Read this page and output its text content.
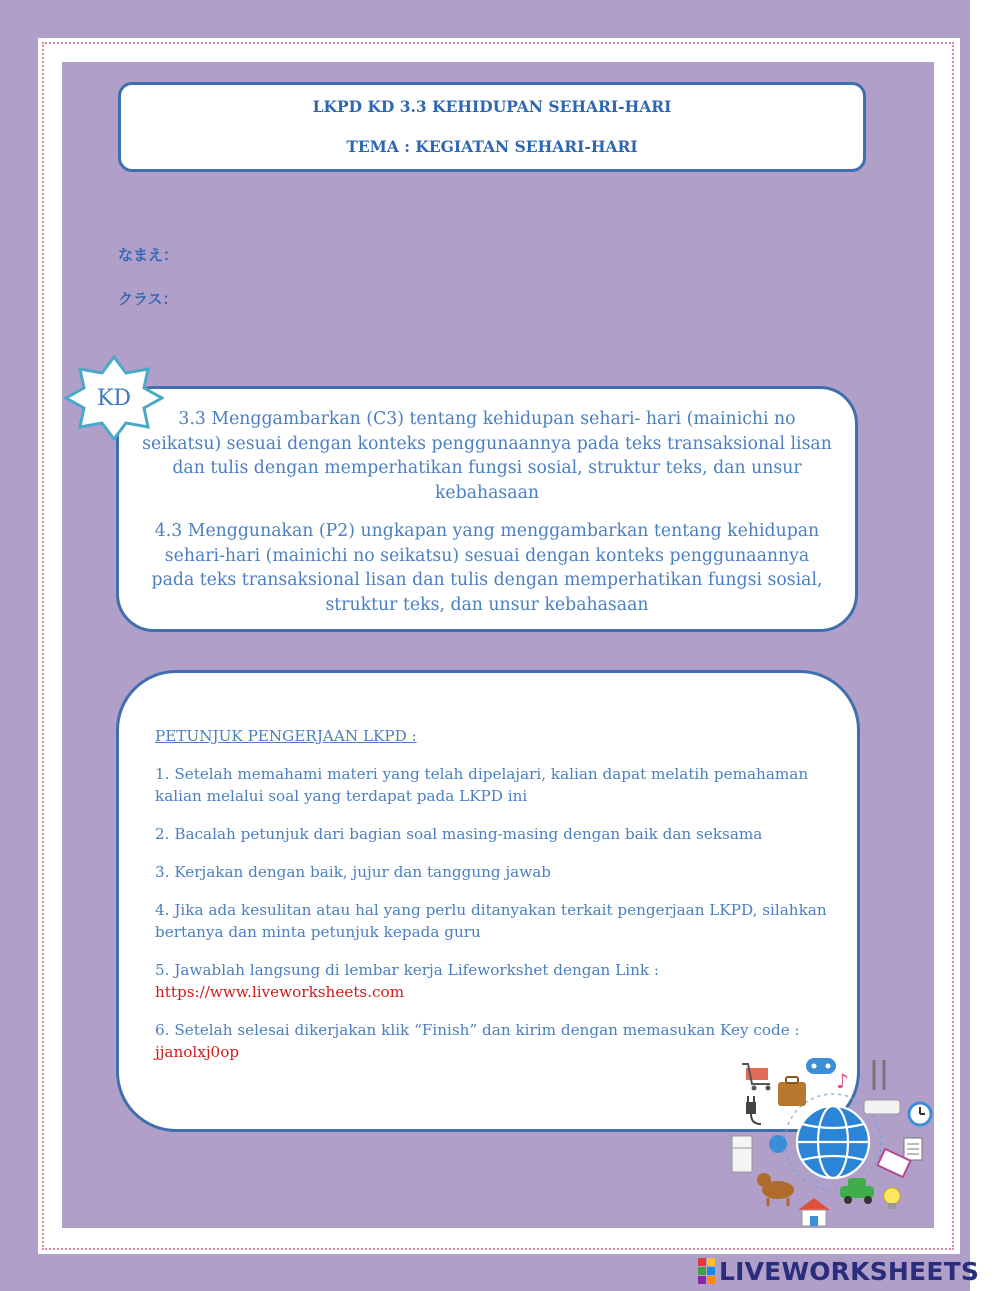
LKPD KD 3.3 KEHIDUPAN SEHARI-HARI
TEMA : KEGIATAN SEHARI-HARI
なまえ：
クラス：

3.3 Menggambarkan (C3) tentang kehidupan sehari- hari (mainichi no seikatsu) sesuai dengan konteks penggunaannya pada teks transaksional lisan dan tulis dengan memperhatikan fungsi sosial, struktur teks, dan unsur kebahasaan

4.3 Menggunakan (P2) ungkapan yang menggambarkan tentang kehidupan sehari-hari (mainichi no seikatsu) sesuai dengan konteks penggunaannya pada teks transaksional lisan dan tulis dengan memperhatikan fungsi sosial, struktur teks, dan unsur kebahasaan

KD
PETUNJUK PENGERJAAN LKPD :
1. Setelah memahami materi yang telah dipelajari, kalian dapat melatih pemahaman kalian melalui soal yang terdapat pada LKPD ini
2. Bacalah petunjuk dari bagian soal masing-masing dengan baik dan seksama
3. Kerjakan dengan baik, jujur dan tanggung jawab
4. Jika ada kesulitan atau hal yang perlu ditanyakan terkait pengerjaan LKPD, silahkan bertanya dan minta petunjuk kepada guru
5. Jawablah langsung di lembar kerja Lifeworkshet dengan Link :
https://www.liveworksheets.com
6. Setelah selesai dikerjakan klik “Finish” dan kirim dengan memasukan Key code :
jjanolxj0op
♪
LIVEWORKSHEETS
